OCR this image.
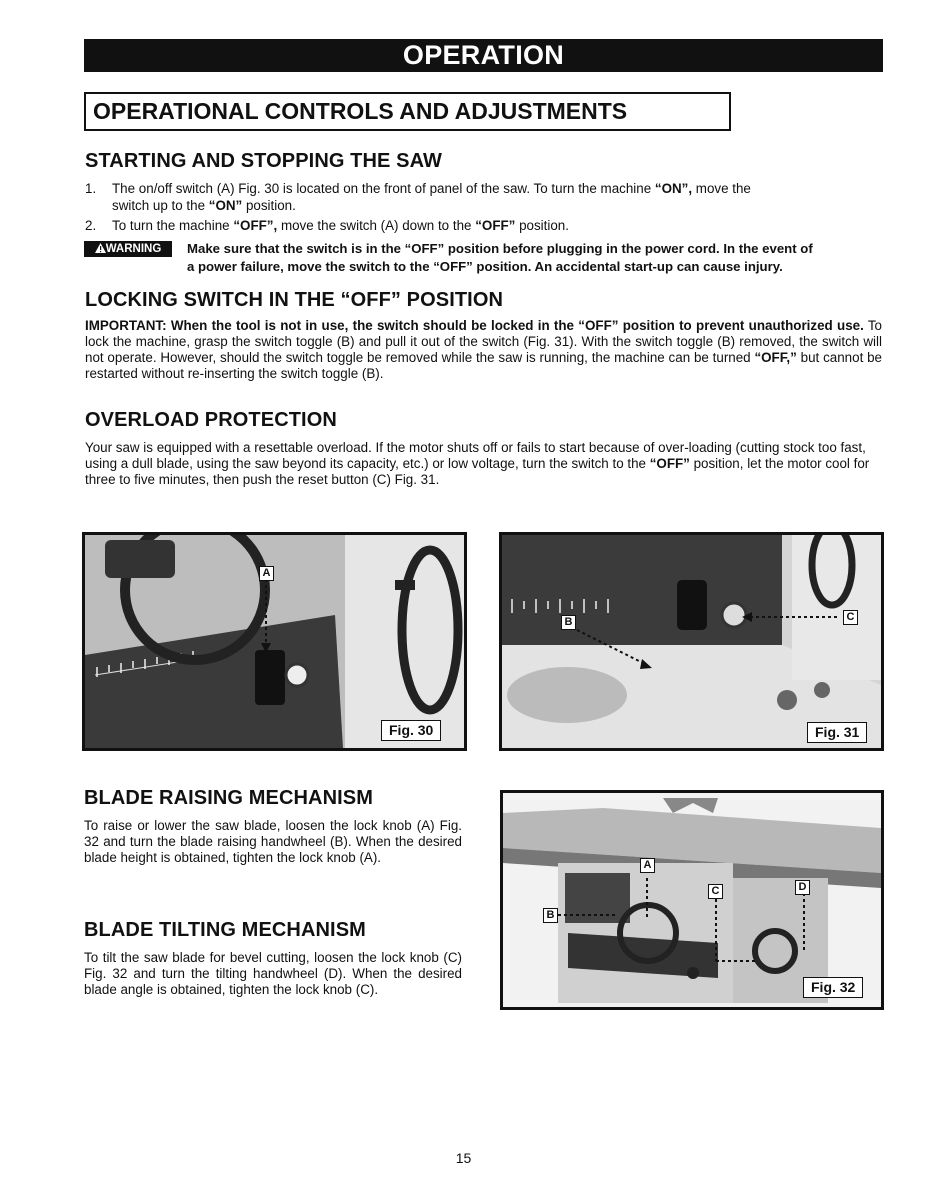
OPERATION
OPERATIONAL CONTROLS AND ADJUSTMENTS
STARTING AND STOPPING THE SAW
1. The on/off switch (A) Fig. 30 is located on the front of panel of the saw. To turn the machine “ON”, move the
switch up to the “ON” position.
2. To turn the machine “OFF”, move the switch (A) down to the “OFF” position.
WARNING	Make sure that the switch is in the “OFF” position before plugging in the power cord. In the event of
a power failure, move the switch to the “OFF” position. An accidental start-up can cause injury.
LOCKING SWITCH IN THE “OFF” POSITION
IMPORTANT: When the tool is not in use, the switch should be locked in the “OFF” position to prevent unauthorized use. To lock the machine, grasp the switch toggle (B) and pull it out of the switch (Fig. 31). With the switch toggle (B) removed, the switch will not operate. However, should the switch toggle be removed while the saw is running, the machine can be turned “OFF,” but cannot be restarted without re-inserting the switch toggle (B).
OVERLOAD PROTECTION
Your saw is equipped with a resettable overload. If the motor shuts off or fails to start because of over-loading (cutting stock too fast, using a dull blade, using the saw beyond its capacity, etc.) or low voltage, turn the switch to the “OFF” position, let the motor cool for three to five minutes, then push the reset button (C) Fig. 31.
A
Fig. 30
B	C
Fig. 31
BLADE RAISING MECHANISM
To raise or lower the saw blade, loosen the lock knob (A) Fig. 32 and turn the blade raising handwheel (B). When the desired blade height is obtained, tighten the lock knob (A).
BLADE TILTING MECHANISM
To tilt the saw blade for bevel cutting, loosen the lock knob (C) Fig. 32 and turn the tilting handwheel (D). When the desired blade angle is obtained, tighten the lock knob (C).
A
B
C	D
Fig. 32
15
